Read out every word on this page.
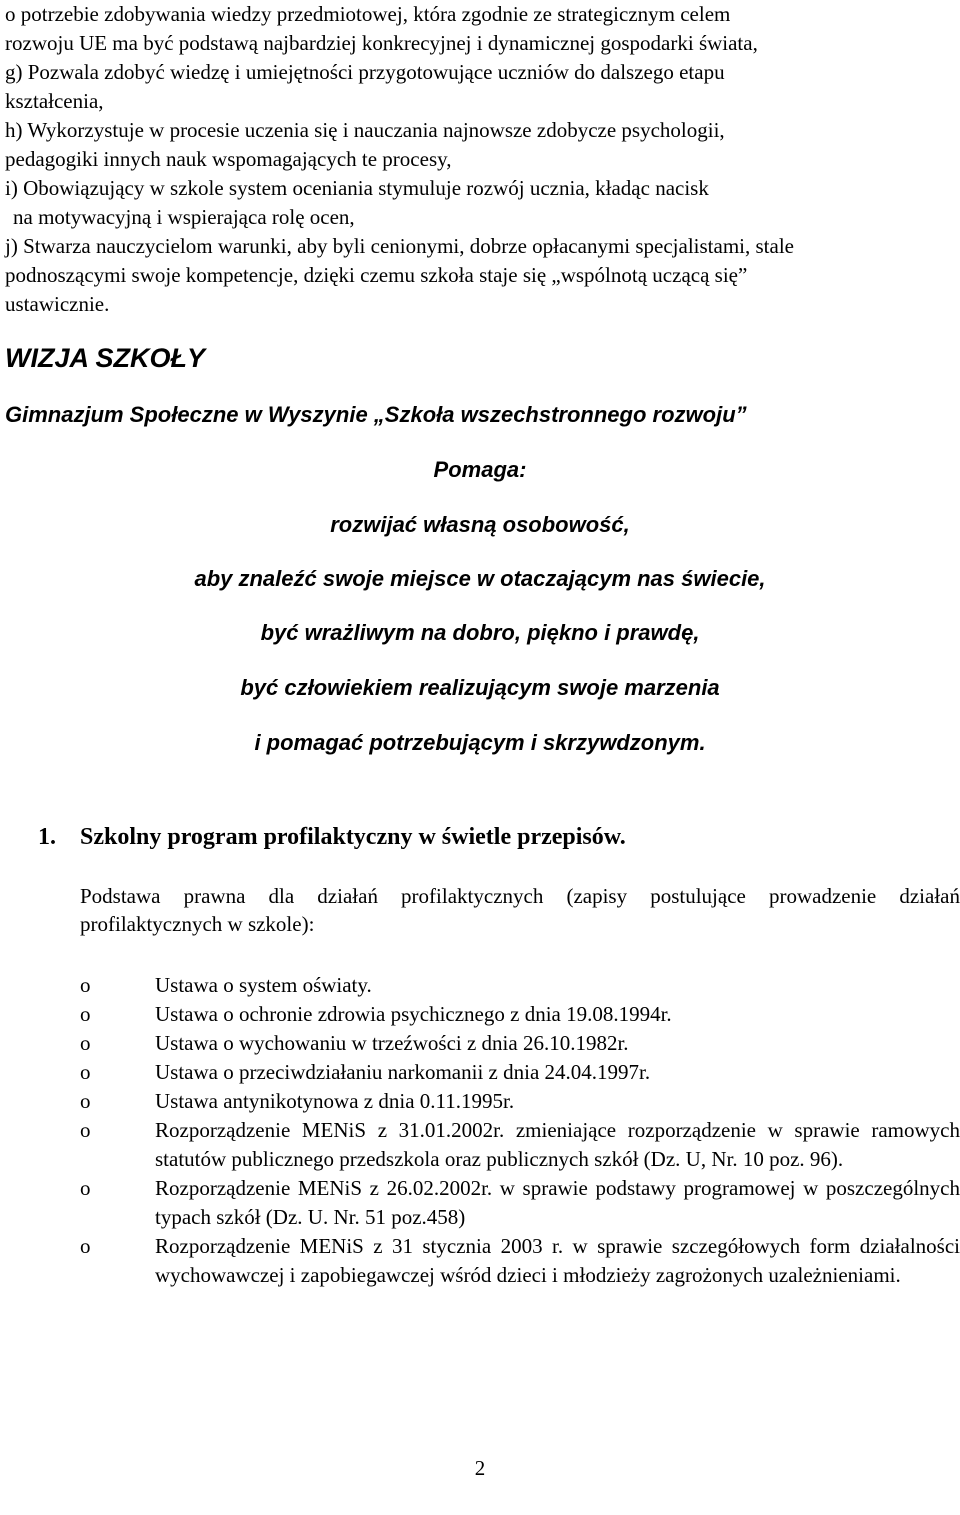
o potrzebie zdobywania wiedzy przedmiotowej, która zgodnie ze strategicznym celem
rozwoju UE ma być podstawą najbardziej konkrecyjnej i dynamicznej gospodarki świata,
g) Pozwala zdobyć wiedzę i umiejętności przygotowujące uczniów do dalszego etapu
kształcenia,
h) Wykorzystuje w procesie uczenia się i nauczania najnowsze zdobycze psychologii,
pedagogiki innych nauk wspomagających te procesy,
i) Obowiązujący w szkole system oceniania stymuluje rozwój ucznia, kładąc nacisk
na motywacyjną i wspierająca rolę ocen,
j) Stwarza nauczycielom warunki, aby byli cenionymi, dobrze opłacanymi specjalistami, stale
podnoszącymi swoje kompetencje, dzięki czemu szkoła staje się „wspólnotą uczącą się”
ustawicznie.
WIZJA SZKOŁY
Gimnazjum Społeczne w Wyszynie „Szkoła wszechstronnego rozwoju”
Pomaga:
rozwijać własną osobowość,
aby znaleźć swoje miejsce w otaczającym nas świecie,
być wrażliwym na dobro, piękno i prawdę,
być człowiekiem realizującym swoje marzenia
i pomagać potrzebującym i skrzywdzonym.
1. Szkolny program profilaktyczny w świetle przepisów.
Podstawa prawna dla działań profilaktycznych (zapisy postulujące prowadzenie działań profilaktycznych w szkole):
o	Ustawa o system oświaty.
o	Ustawa o ochronie zdrowia psychicznego z dnia 19.08.1994r.
o	Ustawa o wychowaniu w trzeźwości z dnia 26.10.1982r.
o	Ustawa o przeciwdziałaniu narkomanii z dnia 24.04.1997r.
o	Ustawa antynikotynowa z dnia 0.11.1995r.
o	Rozporządzenie MENiS z 31.01.2002r. zmieniające rozporządzenie w sprawie ramowych statutów publicznego przedszkola oraz publicznych szkół (Dz. U, Nr. 10 poz. 96).
o	Rozporządzenie MENiS z 26.02.2002r. w sprawie podstawy programowej w poszczególnych typach szkół (Dz. U. Nr. 51 poz.458)
o	Rozporządzenie MENiS z 31 stycznia 2003 r. w sprawie szczegółowych form działalności wychowawczej i zapobiegawczej wśród dzieci i młodzieży zagrożonych uzależnieniami.
2
